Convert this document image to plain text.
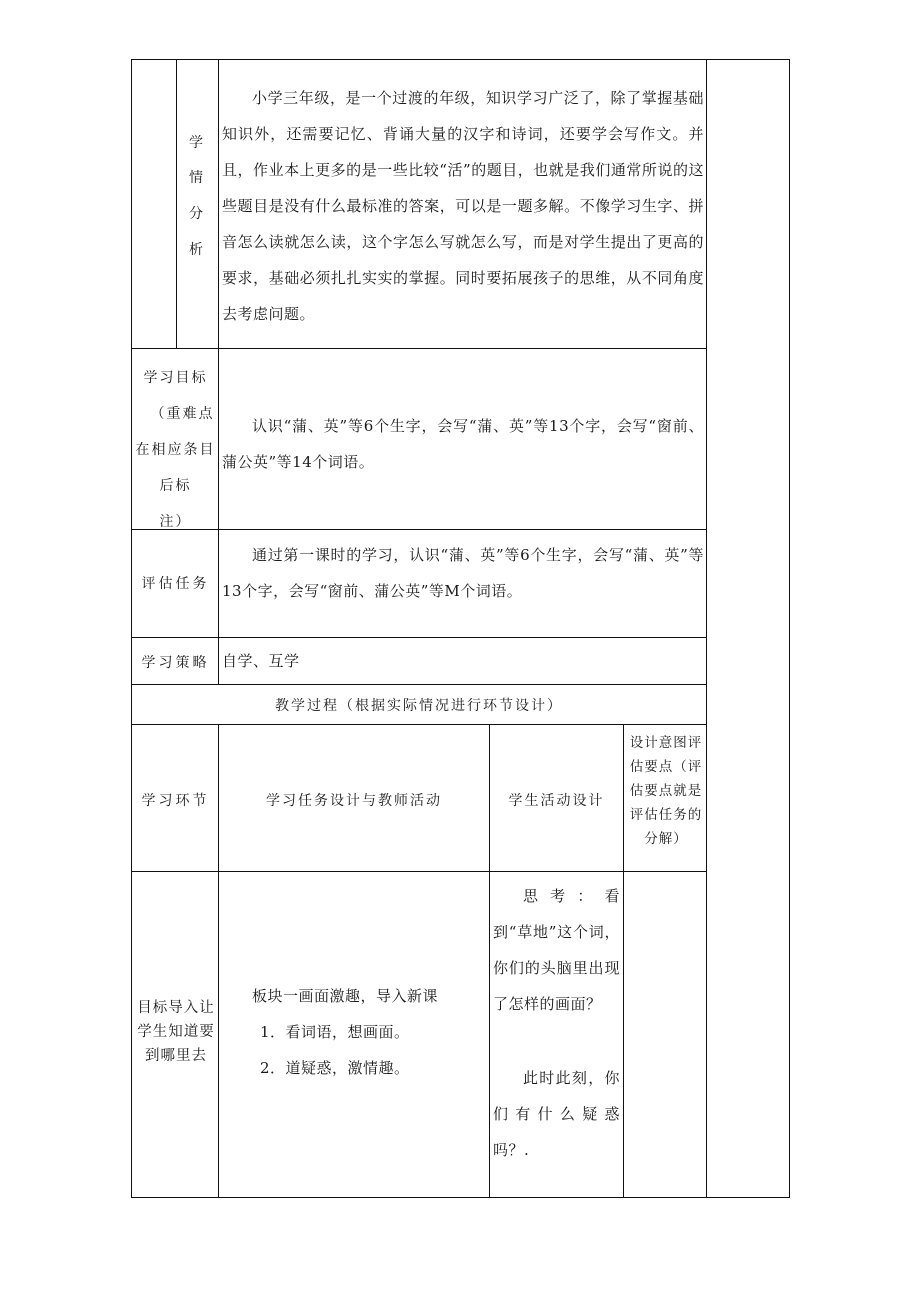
学
情
分
析
小学三年级，是一个过渡的年级，知识学习广泛了，除了掌握基础知识外，还需要记忆、背诵大量的汉字和诗词，还要学会写作文。并且，作业本上更多的是一些比较“活”的题目，也就是我们通常所说的这些题目是没有什么最标准的答案，可以是一题多解。不像学习生字、拼音怎么读就怎么读，这个字怎么写就怎么写，而是对学生提出了更高的要求，基础必须扎扎实实的掌握。同时要拓展孩子的思维，从不同角度去考虑问题。
学习目标
（重难点
在相应条目
后标
注）
认识“蒲、英”等6个生字，会写“蒲、英”等13个字，会写“窗前、蒲公英”等14个词语。
评估任务
通过第一课时的学习，认识“蒲、英”等6个生字，会写“蒲、英”等13个字，会写“窗前、蒲公英”等M个词语。
学习策略 自学、互学
教学过程（根据实际情况进行环节设计）
学习环节	学习任务设计与教师活动	学生活动设计
设计意图评估要点（评估要点就是评估任务的分解）
目标导入让学生知道要到哪里去
板块一画面激趣，导入新课
1．看词语，想画面。
2．道疑惑，激情趣。
思考：看到“草地”这个词，你们的头脑里出现了怎样的画面？
此时此刻，你们有什么疑惑吗？.
